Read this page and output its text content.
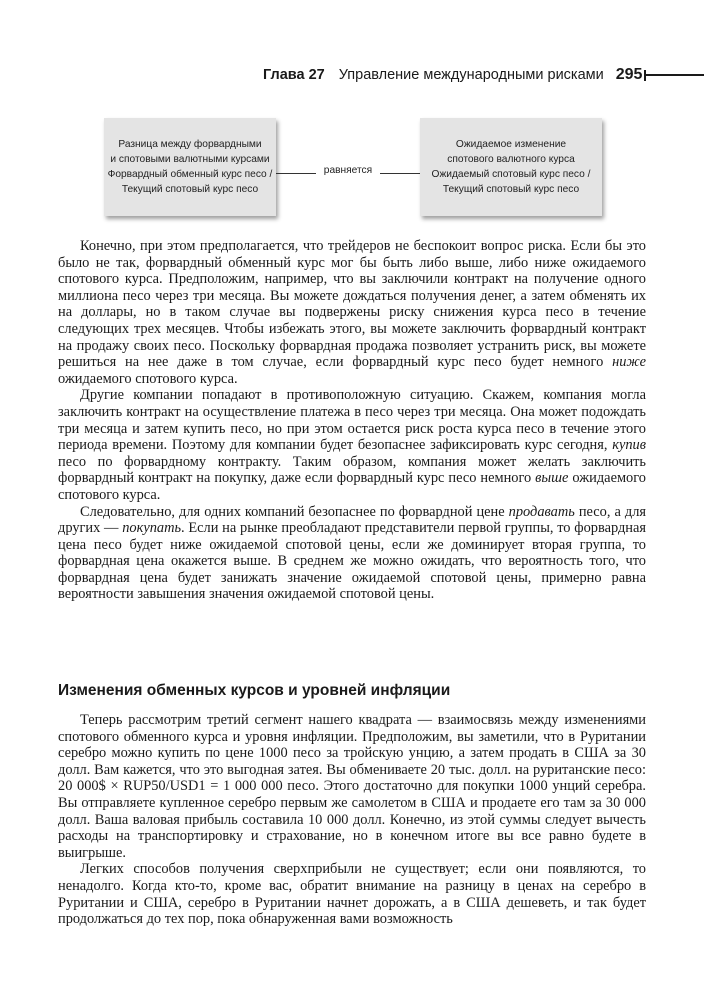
Глава 27 Управление международными рисками 295
Разница между форвардными
и спотовыми валютными курсами
Форвардный обменный курс песо /
Текущий спотовый курс песо
равняется
Ожидаемое изменение
спотового валютного курса
Ожидаемый спотовый курс песо /
Текущий спотовый курс песо

Конечно, при этом предполагается, что трейдеров не беспокоит вопрос риска. Если бы это было не так, форвардный обменный курс мог бы быть либо выше, либо ниже ожидаемого спотового курса. Предположим, например, что вы заключили контракт на получение одного миллиона песо через три месяца. Вы можете дождаться получения денег, а затем обменять их на доллары, но в таком случае вы подвержены риску снижения курса песо в течение следующих трех месяцев. Чтобы избежать этого, вы можете заключить форвардный контракт на продажу своих песо. Поскольку форвардная продажа позволяет устранить риск, вы можете решиться на нее даже в том случае, если форвардный курс песо будет немного ниже ожидаемого спотового курса.

Другие компании попадают в противоположную ситуацию. Скажем, компания могла заключить контракт на осуществление платежа в песо через три месяца. Она может подождать три месяца и затем купить песо, но при этом остается риск роста курса песо в течение этого периода времени. Поэтому для компании будет безопаснее зафиксировать курс сегодня, купив песо по форвардному контракту. Таким образом, компания может желать заключить форвардный контракт на покупку, даже если форвардный курс песо немного выше ожидаемого спотового курса.

Следовательно, для одних компаний безопаснее по форвардной цене продавать песо, а для других — покупать. Если на рынке преобладают представители первой группы, то форвардная цена песо будет ниже ожидаемой спотовой цены, если же доминирует вторая группа, то форвардная цена окажется выше. В среднем же можно ожидать, что вероятность того, что форвардная цена будет занижать значение ожидаемой спотовой цены, примерно равна вероятности завышения значения ожидаемой спотовой цены.

Изменения обменных курсов и уровней инфляции

Теперь рассмотрим третий сегмент нашего квадрата — взаимосвязь между изменениями спотового обменного курса и уровня инфляции. Предположим, вы заметили, что в Руритании серебро можно купить по цене 1000 песо за тройскую унцию, а затем продать в США за 30 долл. Вам кажется, что это выгодная затея. Вы обмениваете 20 тыс. долл. на руританские песо: 20 000$ × RUP50/USD1 = 1 000 000 песо. Этого достаточно для покупки 1000 унций серебра. Вы отправляете купленное серебро первым же самолетом в США и продаете его там за 30 000 долл. Ваша валовая прибыль составила 10 000 долл. Конечно, из этой суммы следует вычесть расходы на транспортировку и страхование, но в конечном итоге вы все равно будете в выигрыше.

Легких способов получения сверхприбыли не существует; если они появляются, то ненадолго. Когда кто-то, кроме вас, обратит внимание на разницу в ценах на серебро в Руритании и США, серебро в Руритании начнет дорожать, а в США дешеветь, и так будет продолжаться до тех пор, пока обнаруженная вами возможность
